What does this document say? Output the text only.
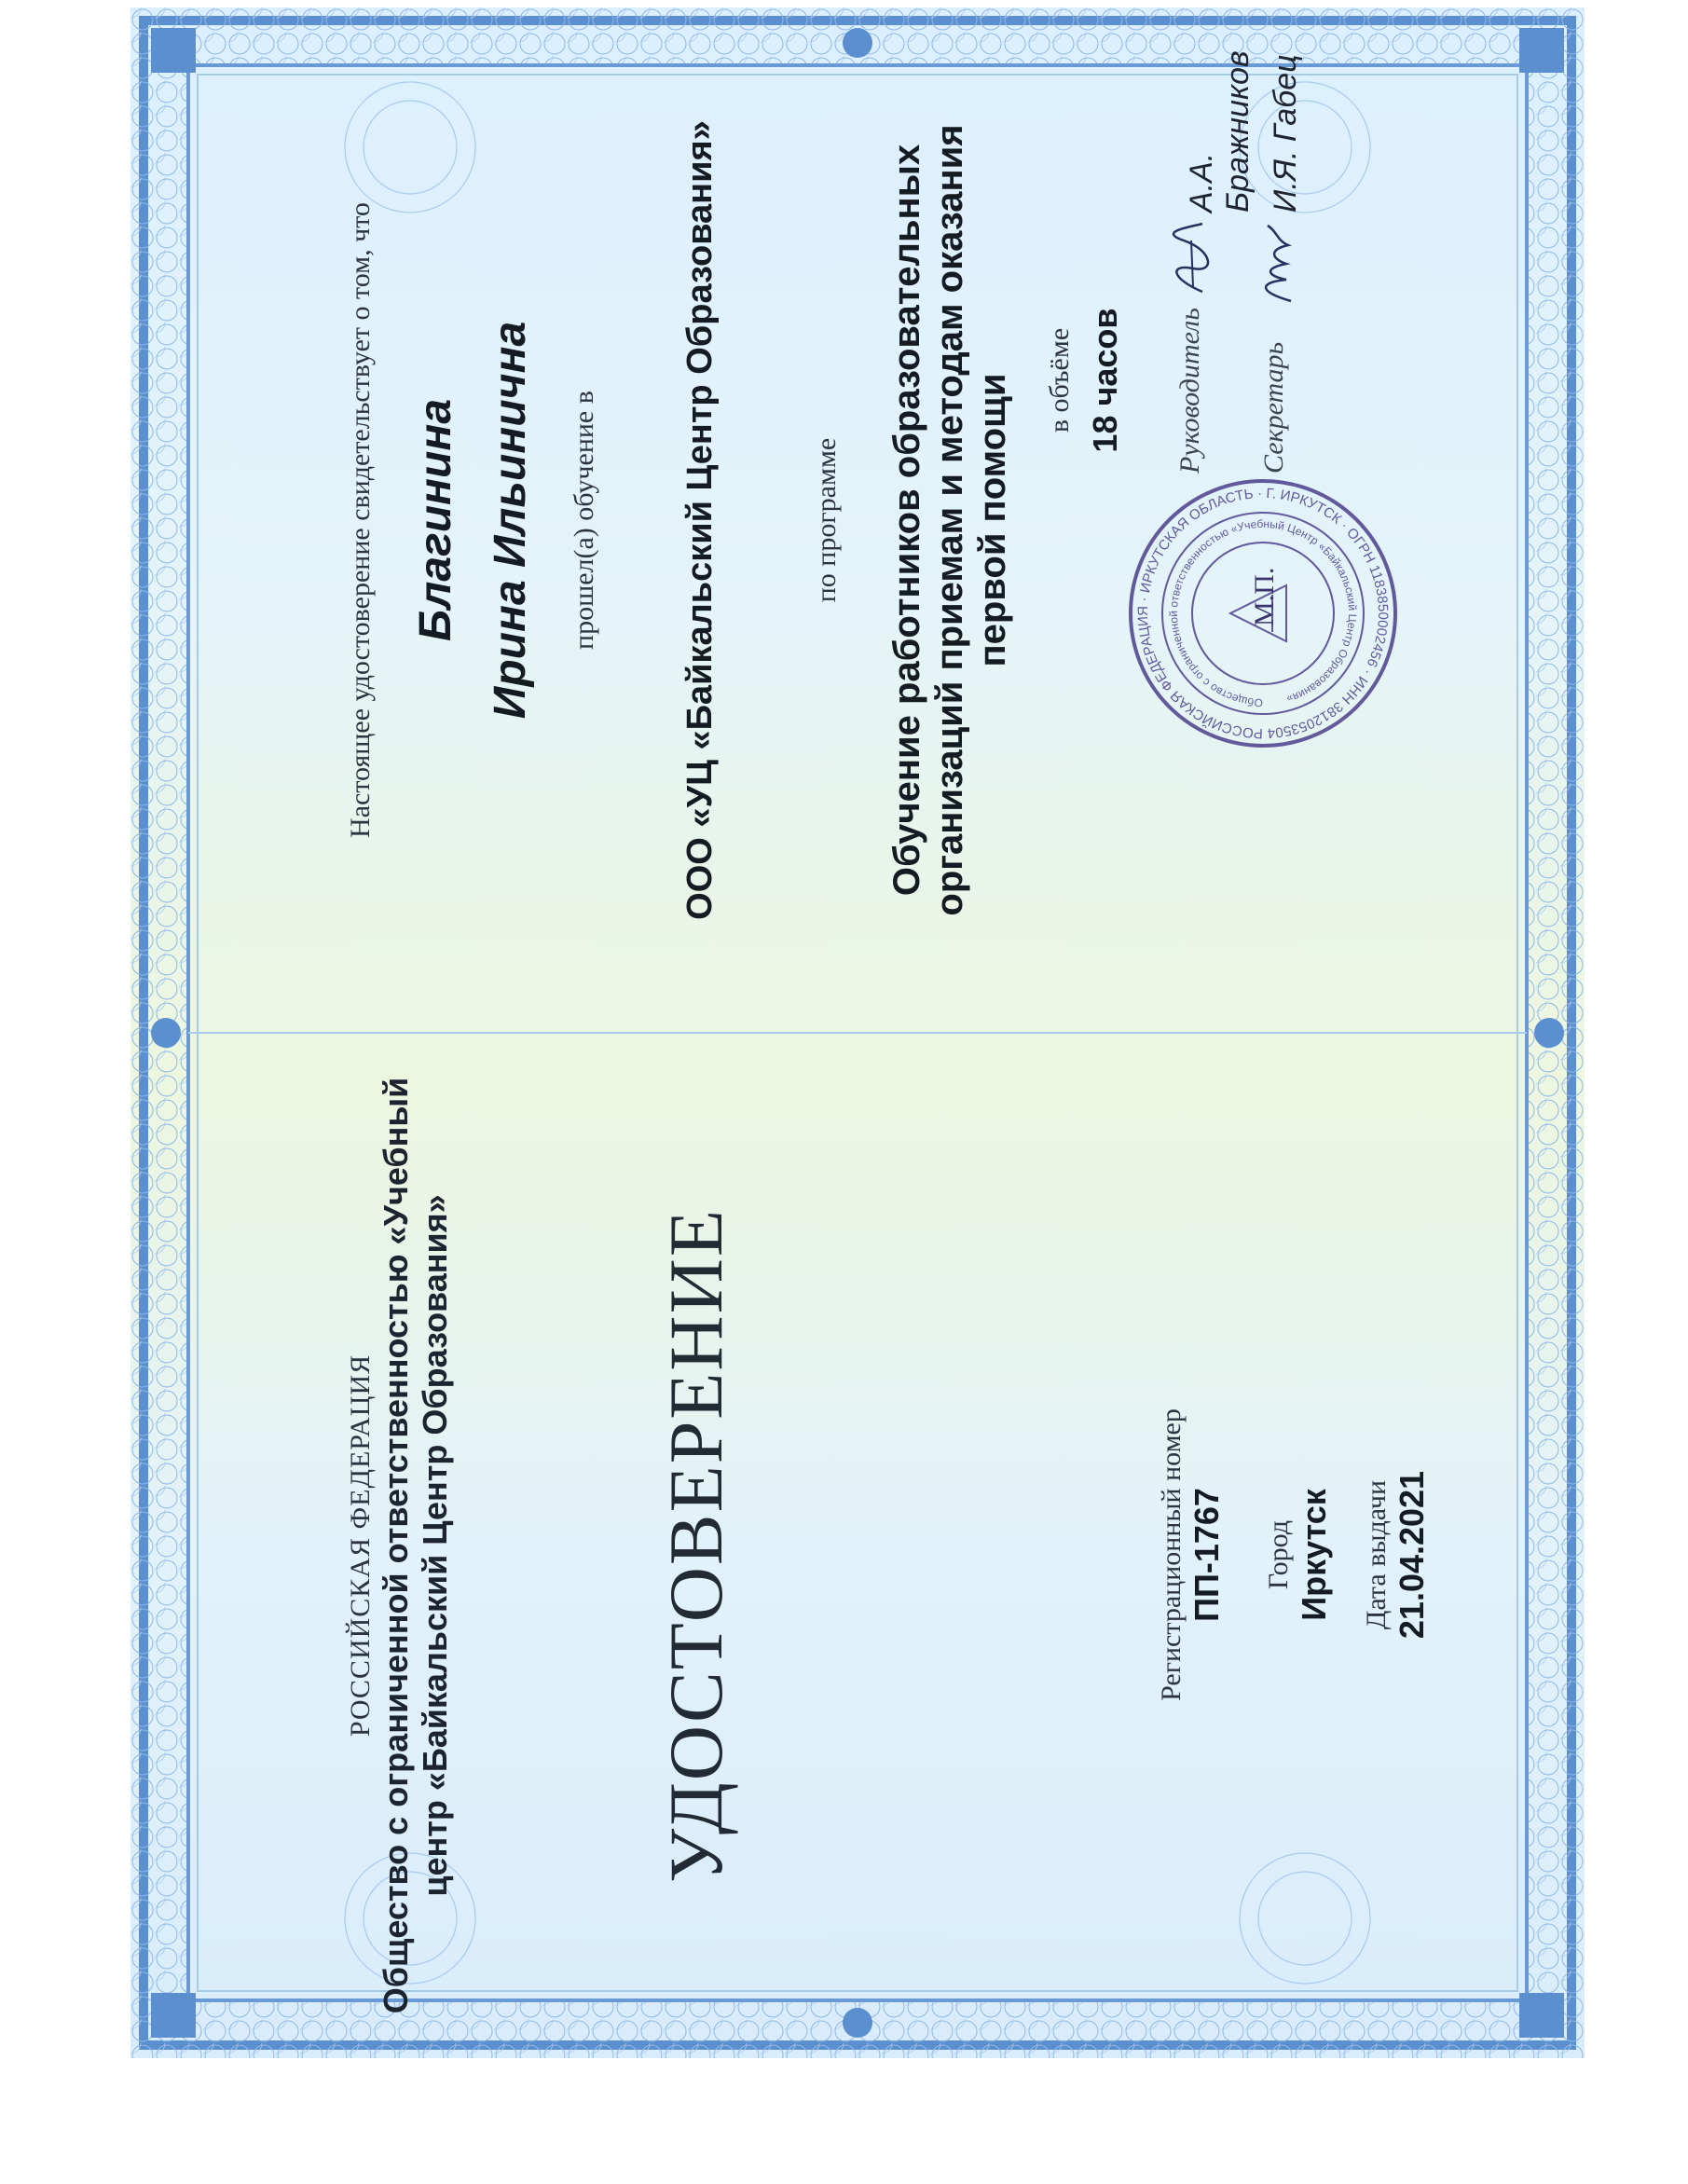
РОССИЙСКАЯ ФЕДЕРАЦИЯ Общество с ограниченной ответственностью «Учебный центр «Байкальский Центр Образования»	УДОСТОВЕРЕНИЕ	Регистрационный номер ПП-1767 Город Иркутск Дата выдачи 21.04.2021
Настоящее удостоверение свидетельствует о том, что Благинина Ирина Ильинична прошел(а) обучение в ООО «УЦ «Байкальский Центр Образования»	по программе Обучение работников образовательных организаций приемам и методам оказания первой помощи в объёме 18 часов
РОССИЙСКАЯ ФЕДЕРАЦИЯ · ИРКУТСКАЯ ОБЛАСТЬ · Г. ИРКУТСК · ОГРН 1183850002456 · ИНН 3812053504
Общество с ограниченной ответственностью «Учебный Центр «Байкальский Центр Образования»
М.П.
Руководитель
А.А. Бражников
Секретарь
И.Я. Габец
